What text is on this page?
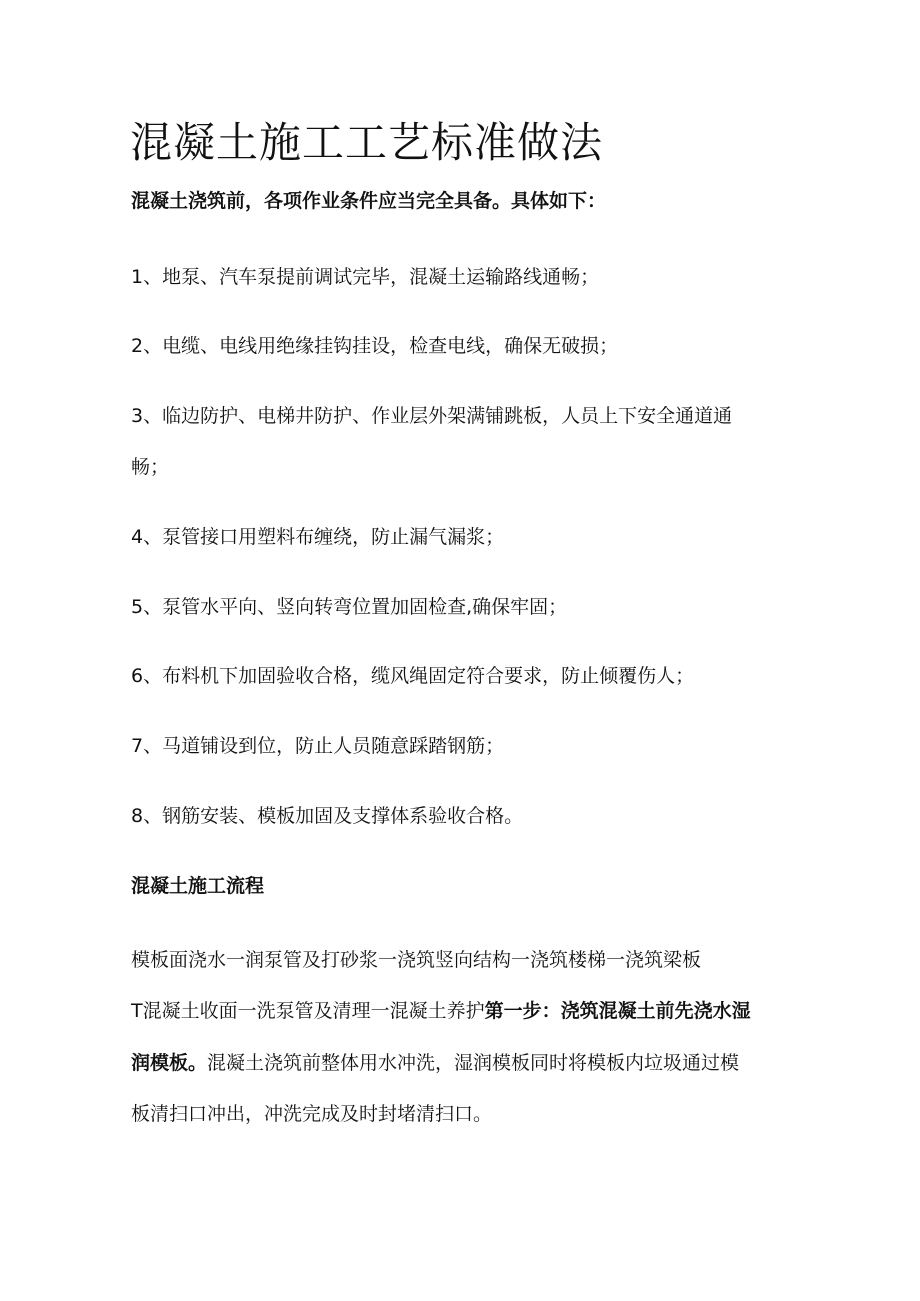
混凝土施工工艺标准做法

混凝土浇筑前，各项作业条件应当完全具备。具体如下：

1、地泵、汽车泵提前调试完毕，混凝土运输路线通畅；

2、电缆、电线用绝缘挂钩挂设，检查电线，确保无破损；

3、临边防护、电梯井防护、作业层外架满铺跳板，人员上下安全通道通

畅；

4、泵管接口用塑料布缠绕，防止漏气漏浆；

5、泵管水平向、竖向转弯位置加固检查,确保牢固；

6、布料机下加固验收合格，缆风绳固定符合要求，防止倾覆伤人；

7、马道铺设到位，防止人员随意踩踏钢筋；

8、钢筋安装、模板加固及支撑体系验收合格。

混凝土施工流程

模板面浇水一润泵管及打砂浆一浇筑竖向结构一浇筑楼梯一浇筑梁板

T混凝土收面一洗泵管及清理一混凝土养护第一步：浇筑混凝土前先浇水湿

润模板。混凝土浇筑前整体用水冲洗，湿润模板同时将模板内垃圾通过模

板清扫口冲出，冲洗完成及时封堵清扫口。
